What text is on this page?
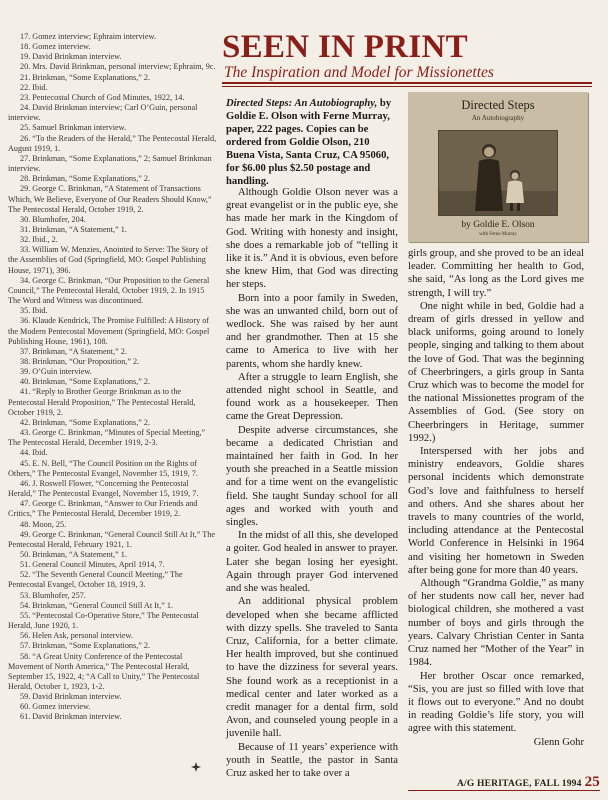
17. Gomez interview; Ephraim interview.

18. Gomez interview.

19. David Brinkman interview.

20. Mrs. David Brinkman, personal interview; Ephraim, 9c.

21. Brinkman, “Some Explanations,” 2.

22. Ibid.

23. Pentecostal Church of God Minutes, 1922, 14.

24. David Brinkman interview; Carl O’Guin, personal interview.

25. Samuel Brinkman interview.

26. “To the Readers of the Herald,” The Pentecostal Herald, August 1919, 1.

27. Brinkman, “Some Explanations,” 2; Samuel Brinkman interview.

28. Brinkman, “Some Explanations,” 2.

29. George C. Brinkman, “A Statement of Transactions Which, We Believe, Everyone of Our Readers Should Know,” The Pentecostal Herald, October 1919, 2.

30. Blumhofer, 204.

31. Brinkman, “A Statement,” 1.

32. Ibid., 2.

33. William W. Menzies, Anointed to Serve: The Story of the Assemblies of God (Springfield, MO: Gospel Publishing House, 1971), 396.

34. George C. Brinkman, “Our Proposition to the General Council,” The Pentecostal Herald, October 1919, 2. In 1915 The Word and Witness was discontinued.

35. Ibid.

36. Klaude Kendrick, The Promise Fulfilled: A History of the Modern Pentecostal Movement (Springfield, MO: Gospel Publishing House, 1961), 108.

37. Brinkman, “A Statement,” 2.

38. Brinkman, “Our Proposition,” 2.

39. O’Guin interview.

40. Brinkman, “Some Explanations,” 2.

41. “Reply to Brother George Brinkman as to the Pentecostal Herald Proposition,” The Pentecostal Herald, October 1919, 2.

42. Brinkman, “Some Explanations,” 2.

43. George C. Brinkman, “Minutes of Special Meeting,” The Pentecostal Herald, December 1919, 2-3.

44. Ibid.

45. E. N. Bell, “The Council Position on the Rights of Others,” The Pentecostal Evangel, November 15, 1919, 7.

46. J. Roswell Flower, “Concerning the Pentecostal Herald,” The Pentecostal Evangel, November 15, 1919, 7.

47. George C. Brinkman, “Answer to Our Friends and Critics,” The Pentecostal Herald, December 1919, 2.

48. Moon, 25.

49. George C. Brinkman, “General Council Still At It,” The Pentecostal Herald, February 1921, 1.

50. Brinkman, “A Statement,” 1.

51. General Council Minutes, April 1914, 7.

52. “The Seventh General Council Meeting,” The Pentecostal Evangel, October 18, 1919, 3.

53. Blumhofer, 257.

54. Brinkman, “General Council Still At It,” 1.

55. “Pentecostal Co-Operative Store,” The Pentecostal Herald, June 1920, 1.

56. Helen Ask, personal interview.

57. Brinkman, “Some Explanations,” 2.

58. “A Great Unity Conference of the Pentecostal Movement of North America,” The Pentecostal Herald, September 15, 1922, 4; “A Call to Unity,” The Pentecostal Herald, October 1, 1923, 1-2.

59. David Brinkman interview.

60. Gomez interview.

61. David Brinkman interview.

SEEN IN PRINT

The Inspiration and Model for Missionettes

Directed Steps: An Autobiography, by Goldie E. Olson with Ferne Murray, paper, 222 pages. Copies can be ordered from Goldie Olson, 210 Buena Vista, Santa Cruz, CA 95060, for $6.00 plus $2.50 postage and handling.

Directed Steps
An Autobiography
by Goldie E. Olson
with Ferne Murray

Although Goldie Olson never was a great evangelist or in the public eye, she has made her mark in the Kingdom of God. Writing with honesty and insight, she does a remarkable job of “telling it like it is.” And it is obvious, even before she knew Him, that God was directing her steps.

Born into a poor family in Sweden, she was an unwanted child, born out of wedlock. She was raised by her aunt and her grandmother. Then at 15 she came to America to live with her parents, whom she hardly knew.

After a struggle to learn English, she attended night school in Seattle, and found work as a housekeeper. Then came the Great Depression.

Despite adverse circumstances, she became a dedicated Christian and maintained her faith in God. In her youth she preached in a Seattle mission and for a time went on the evangelistic field. She taught Sunday school for all ages and worked with youth and singles.

In the midst of all this, she developed a goiter. God healed in answer to prayer. Later she began losing her eyesight. Again through prayer God intervened and she was healed.

An additional physical problem developed when she became afflicted with dizzy spells. She traveled to Santa Cruz, California, for a better climate. Her health improved, but she continued to have the dizziness for several years. She found work as a receptionist in a medical center and later worked as a credit manager for a dental firm, sold Avon, and counseled young people in a juvenile hall.

Because of 11 years’ experience with youth in Seattle, the pastor in Santa Cruz asked her to take over a

girls group, and she proved to be an ideal leader. Committing her health to God, she said, “As long as the Lord gives me strength, I will try.”

One night while in bed, Goldie had a dream of girls dressed in yellow and black uniforms, going around to lonely people, singing and talking to them about the love of God. That was the beginning of Cheerbringers, a girls group in Santa Cruz which was to become the model for the national Missionettes program of the Assemblies of God. (See story on Cheerbringers in Heritage, summer 1992.)

Interspersed with her jobs and ministry endeavors, Goldie shares personal incidents which demonstrate God’s love and faithfulness to herself and others. And she shares about her travels to many countries of the world, including attendance at the Pentecostal World Conference in Helsinki in 1964 and visiting her hometown in Sweden after being gone for more than 40 years.

Although “Grandma Goldie,” as many of her students now call her, never had biological children, she mothered a vast number of boys and girls through the years. Calvary Christian Center in Santa Cruz named her “Mother of the Year” in 1984.

Her brother Oscar once remarked, “Sis, you are just so filled with love that it flows out to everyone.” And no doubt in reading Goldie’s life story, you will agree with this statement.

Glenn Gohr

A/G HERITAGE, FALL 1994 25
